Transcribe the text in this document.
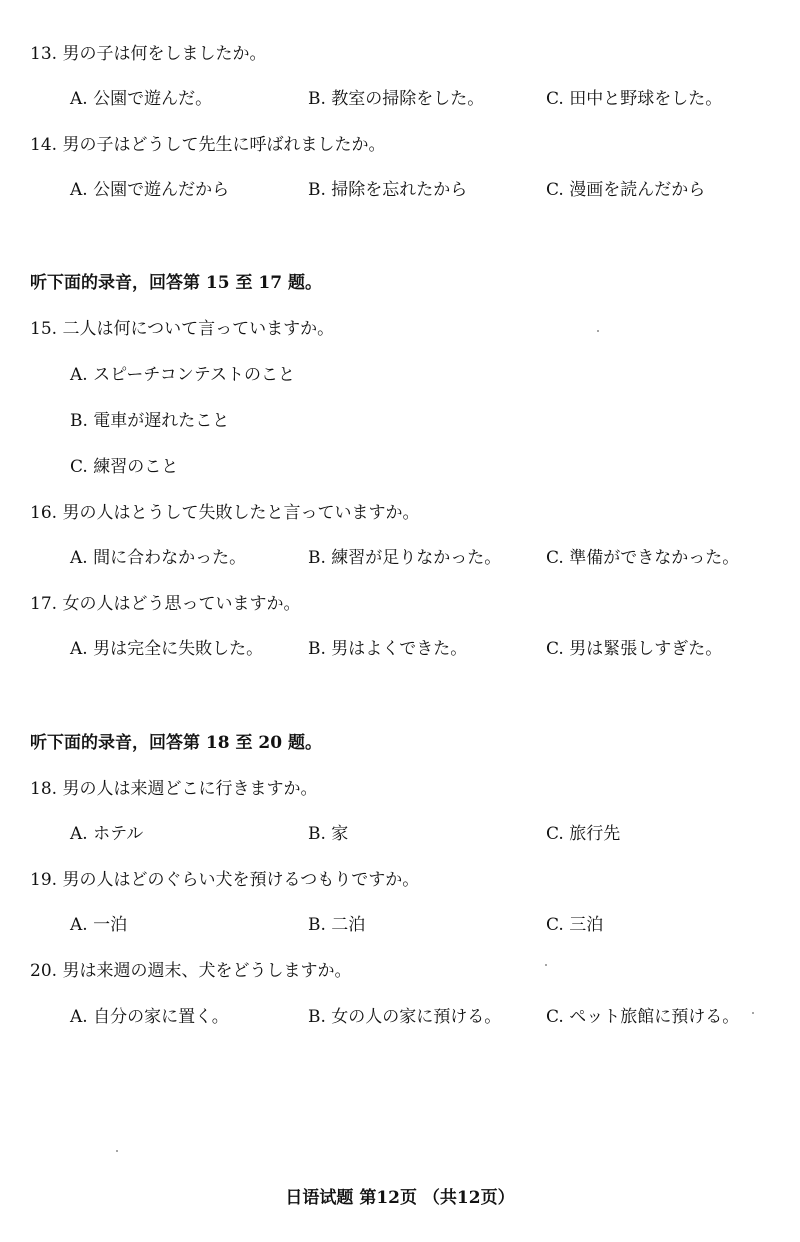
13. 男の子は何をしましたか。
A. 公園で遊んだ。	B. 教室の掃除をした。	C. 田中と野球をした。
14. 男の子はどうして先生に呼ばれましたか。
A. 公園で遊んだから	B. 掃除を忘れたから	C. 漫画を読んだから
听下面的录音，回答第 15 至 17 题。
15. 二人は何について言っていますか。
A. スピーチコンテストのこと
B. 電車が遅れたこと
C. 練習のこと
16. 男の人はとうして失敗したと言っていますか。
A. 間に合わなかった。	B. 練習が足りなかった。	C. 準備ができなかった。
17. 女の人はどう思っていますか。
A. 男は完全に失敗した。	B. 男はよくできた。	C. 男は緊張しすぎた。
听下面的录音，回答第 18 至 20 题。
18. 男の人は来週どこに行きますか。
A. ホテル	B. 家	C. 旅行先
19. 男の人はどのぐらい犬を預けるつもりですか。
A. 一泊	B. 二泊	C. 三泊
20. 男は来週の週末、犬をどうしますか。
A. 自分の家に置く。	B. 女の人の家に預ける。	C. ペット旅館に預ける。
日语试题 第12页 （共12页）
